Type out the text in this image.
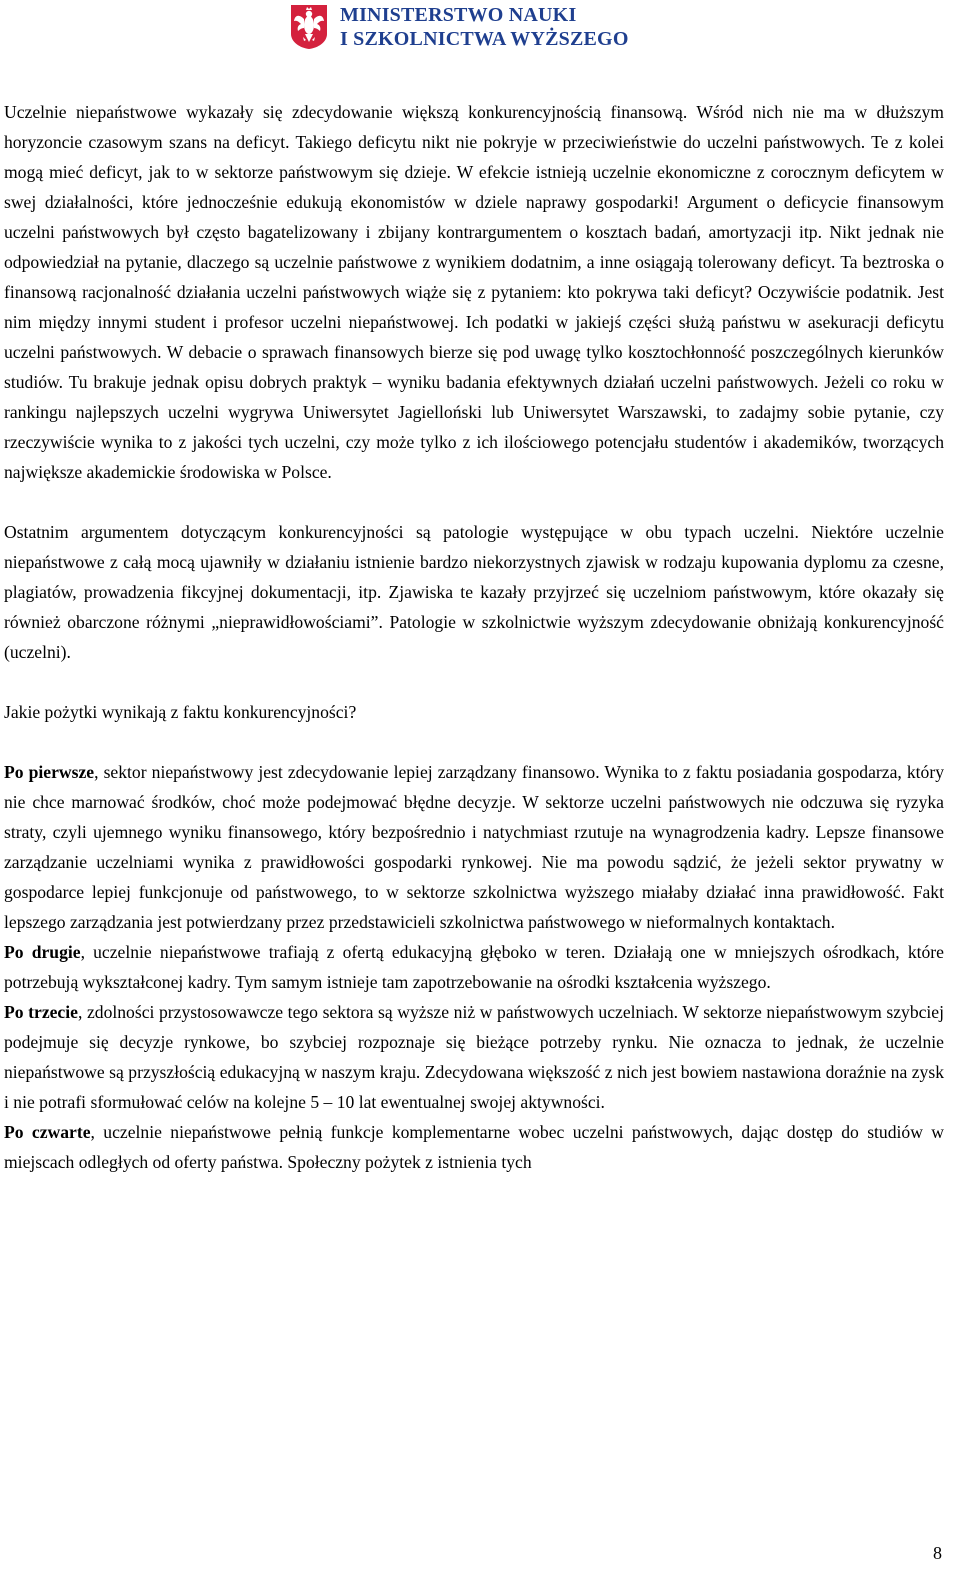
MINISTERSTWO NAUKI
I SZKOLNICTWA WYŻSZEGO

Uczelnie niepaństwowe wykazały się zdecydowanie większą konkurencyjnością finansową. Wśród nich nie ma w dłuższym horyzoncie czasowym szans na deficyt. Takiego deficytu nikt nie pokryje w przeciwieństwie do uczelni państwowych. Te z kolei mogą mieć deficyt, jak to w sektorze państwowym się dzieje. W efekcie istnieją uczelnie ekonomiczne z corocznym deficytem w swej działalności, które jednocześnie edukują ekonomistów w dziele naprawy gospodarki! Argument o deficycie finansowym uczelni państwowych był często bagatelizowany i zbijany kontrargumentem o kosztach badań, amortyzacji itp. Nikt jednak nie odpowiedział na pytanie, dlaczego są uczelnie państwowe z wynikiem dodatnim, a inne osiągają tolerowany deficyt. Ta beztroska o finansową racjonalność działania uczelni państwowych wiąże się z pytaniem: kto pokrywa taki deficyt? Oczywiście podatnik. Jest nim między innymi student i profesor uczelni niepaństwowej. Ich podatki w jakiejś części służą państwu w asekuracji deficytu uczelni państwowych. W debacie o sprawach finansowych bierze się pod uwagę tylko kosztochłonność poszczególnych kierunków studiów. Tu brakuje jednak opisu dobrych praktyk – wyniku badania efektywnych działań uczelni państwowych. Jeżeli co roku w rankingu najlepszych uczelni wygrywa Uniwersytet Jagielloński lub Uniwersytet Warszawski, to zadajmy sobie pytanie, czy rzeczywiście wynika to z jakości tych uczelni, czy może tylko z ich ilościowego potencjału studentów i akademików, tworzących największe akademickie środowiska w Polsce.

Ostatnim argumentem dotyczącym konkurencyjności są patologie występujące w obu typach uczelni. Niektóre uczelnie niepaństwowe z całą mocą ujawniły w działaniu istnienie bardzo niekorzystnych zjawisk w rodzaju kupowania dyplomu za czesne, plagiatów, prowadzenia fikcyjnej dokumentacji, itp. Zjawiska te kazały przyjrzeć się uczelniom państwowym, które okazały się również obarczone różnymi „nieprawidłowościami”. Patologie w szkolnictwie wyższym zdecydowanie obniżają konkurencyjność (uczelni).

Jakie pożytki wynikają z faktu konkurencyjności?

Po pierwsze, sektor niepaństwowy jest zdecydowanie lepiej zarządzany finansowo. Wynika to z faktu posiadania gospodarza, który nie chce marnować środków, choć może podejmować błędne decyzje. W sektorze uczelni państwowych nie odczuwa się ryzyka straty, czyli ujemnego wyniku finansowego, który bezpośrednio i natychmiast rzutuje na wynagrodzenia kadry. Lepsze finansowe zarządzanie uczelniami wynika z prawidłowości gospodarki rynkowej. Nie ma powodu sądzić, że jeżeli sektor prywatny w gospodarce lepiej funkcjonuje od państwowego, to w sektorze szkolnictwa wyższego miałaby działać inna prawidłowość. Fakt lepszego zarządzania jest potwierdzany przez przedstawicieli szkolnictwa państwowego w nieformalnych kontaktach.

Po drugie, uczelnie niepaństwowe trafiają z ofertą edukacyjną głęboko w teren. Działają one w mniejszych ośrodkach, które potrzebują wykształconej kadry. Tym samym istnieje tam zapotrzebowanie na ośrodki kształcenia wyższego.

Po trzecie, zdolności przystosowawcze tego sektora są wyższe niż w państwowych uczelniach. W sektorze niepaństwowym szybciej podejmuje się decyzje rynkowe, bo szybciej rozpoznaje się bieżące potrzeby rynku. Nie oznacza to jednak, że uczelnie niepaństwowe są przyszłością edukacyjną w naszym kraju. Zdecydowana większość z nich jest bowiem nastawiona doraźnie na zysk i nie potrafi sformułować celów na kolejne 5 – 10 lat ewentualnej swojej aktywności.

Po czwarte, uczelnie niepaństwowe pełnią funkcje komplementarne wobec uczelni państwowych, dając dostęp do studiów w miejscach odległych od oferty państwa. Społeczny pożytek z istnienia tych

8
